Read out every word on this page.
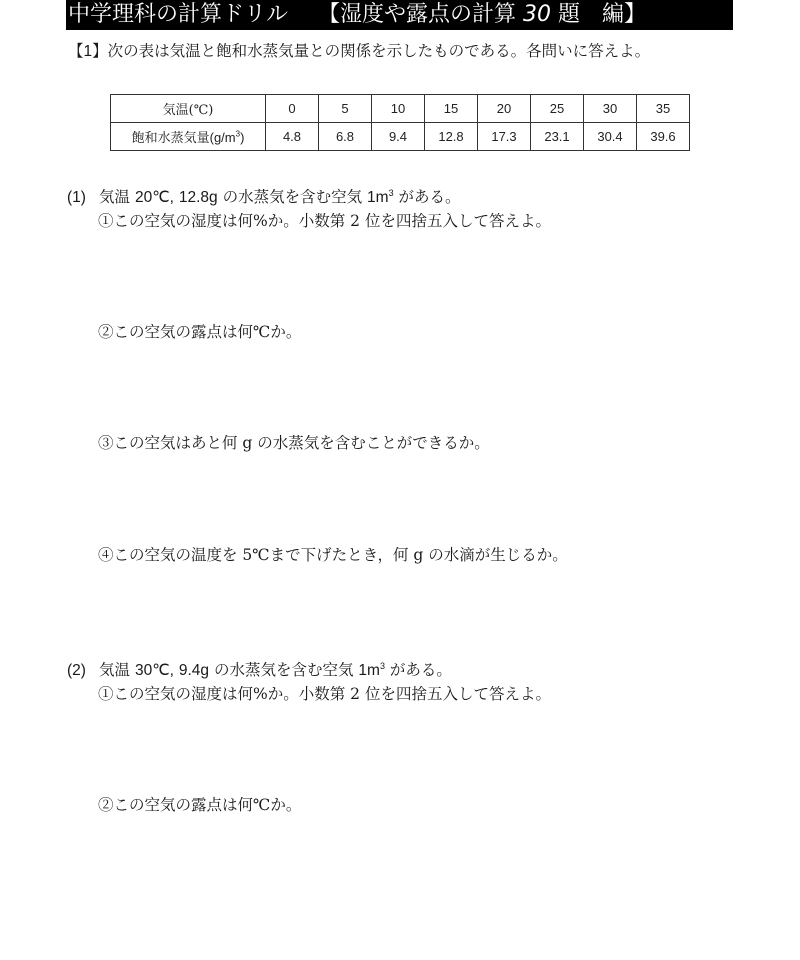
中学理科の計算ドリル 【湿度や露点の計算 30 題　編】
【1】次の表は気温と飽和水蒸気量との関係を示したものである。各問いに答えよ。
気温(℃)	0	5	10	15	20	25	30	35
飽和水蒸気量$(g/m^3)$	4.8	6.8	9.4	12.8	17.3	23.1	30.4	39.6
(1) 気温 20℃, 12.8g の水蒸気を含む空気 $1m^3$ がある。
①この空気の湿度は何%か。小数第 2 位を四捨五入して答えよ。
②この空気の露点は何℃か。
③この空気はあと何 g の水蒸気を含むことができるか。
④この空気の温度を 5℃まで下げたとき，何 g の水滴が生じるか。
(2) 気温 30℃, 9.4g の水蒸気を含む空気 $1m^3$ がある。
①この空気の湿度は何%か。小数第 2 位を四捨五入して答えよ。
②この空気の露点は何℃か。
